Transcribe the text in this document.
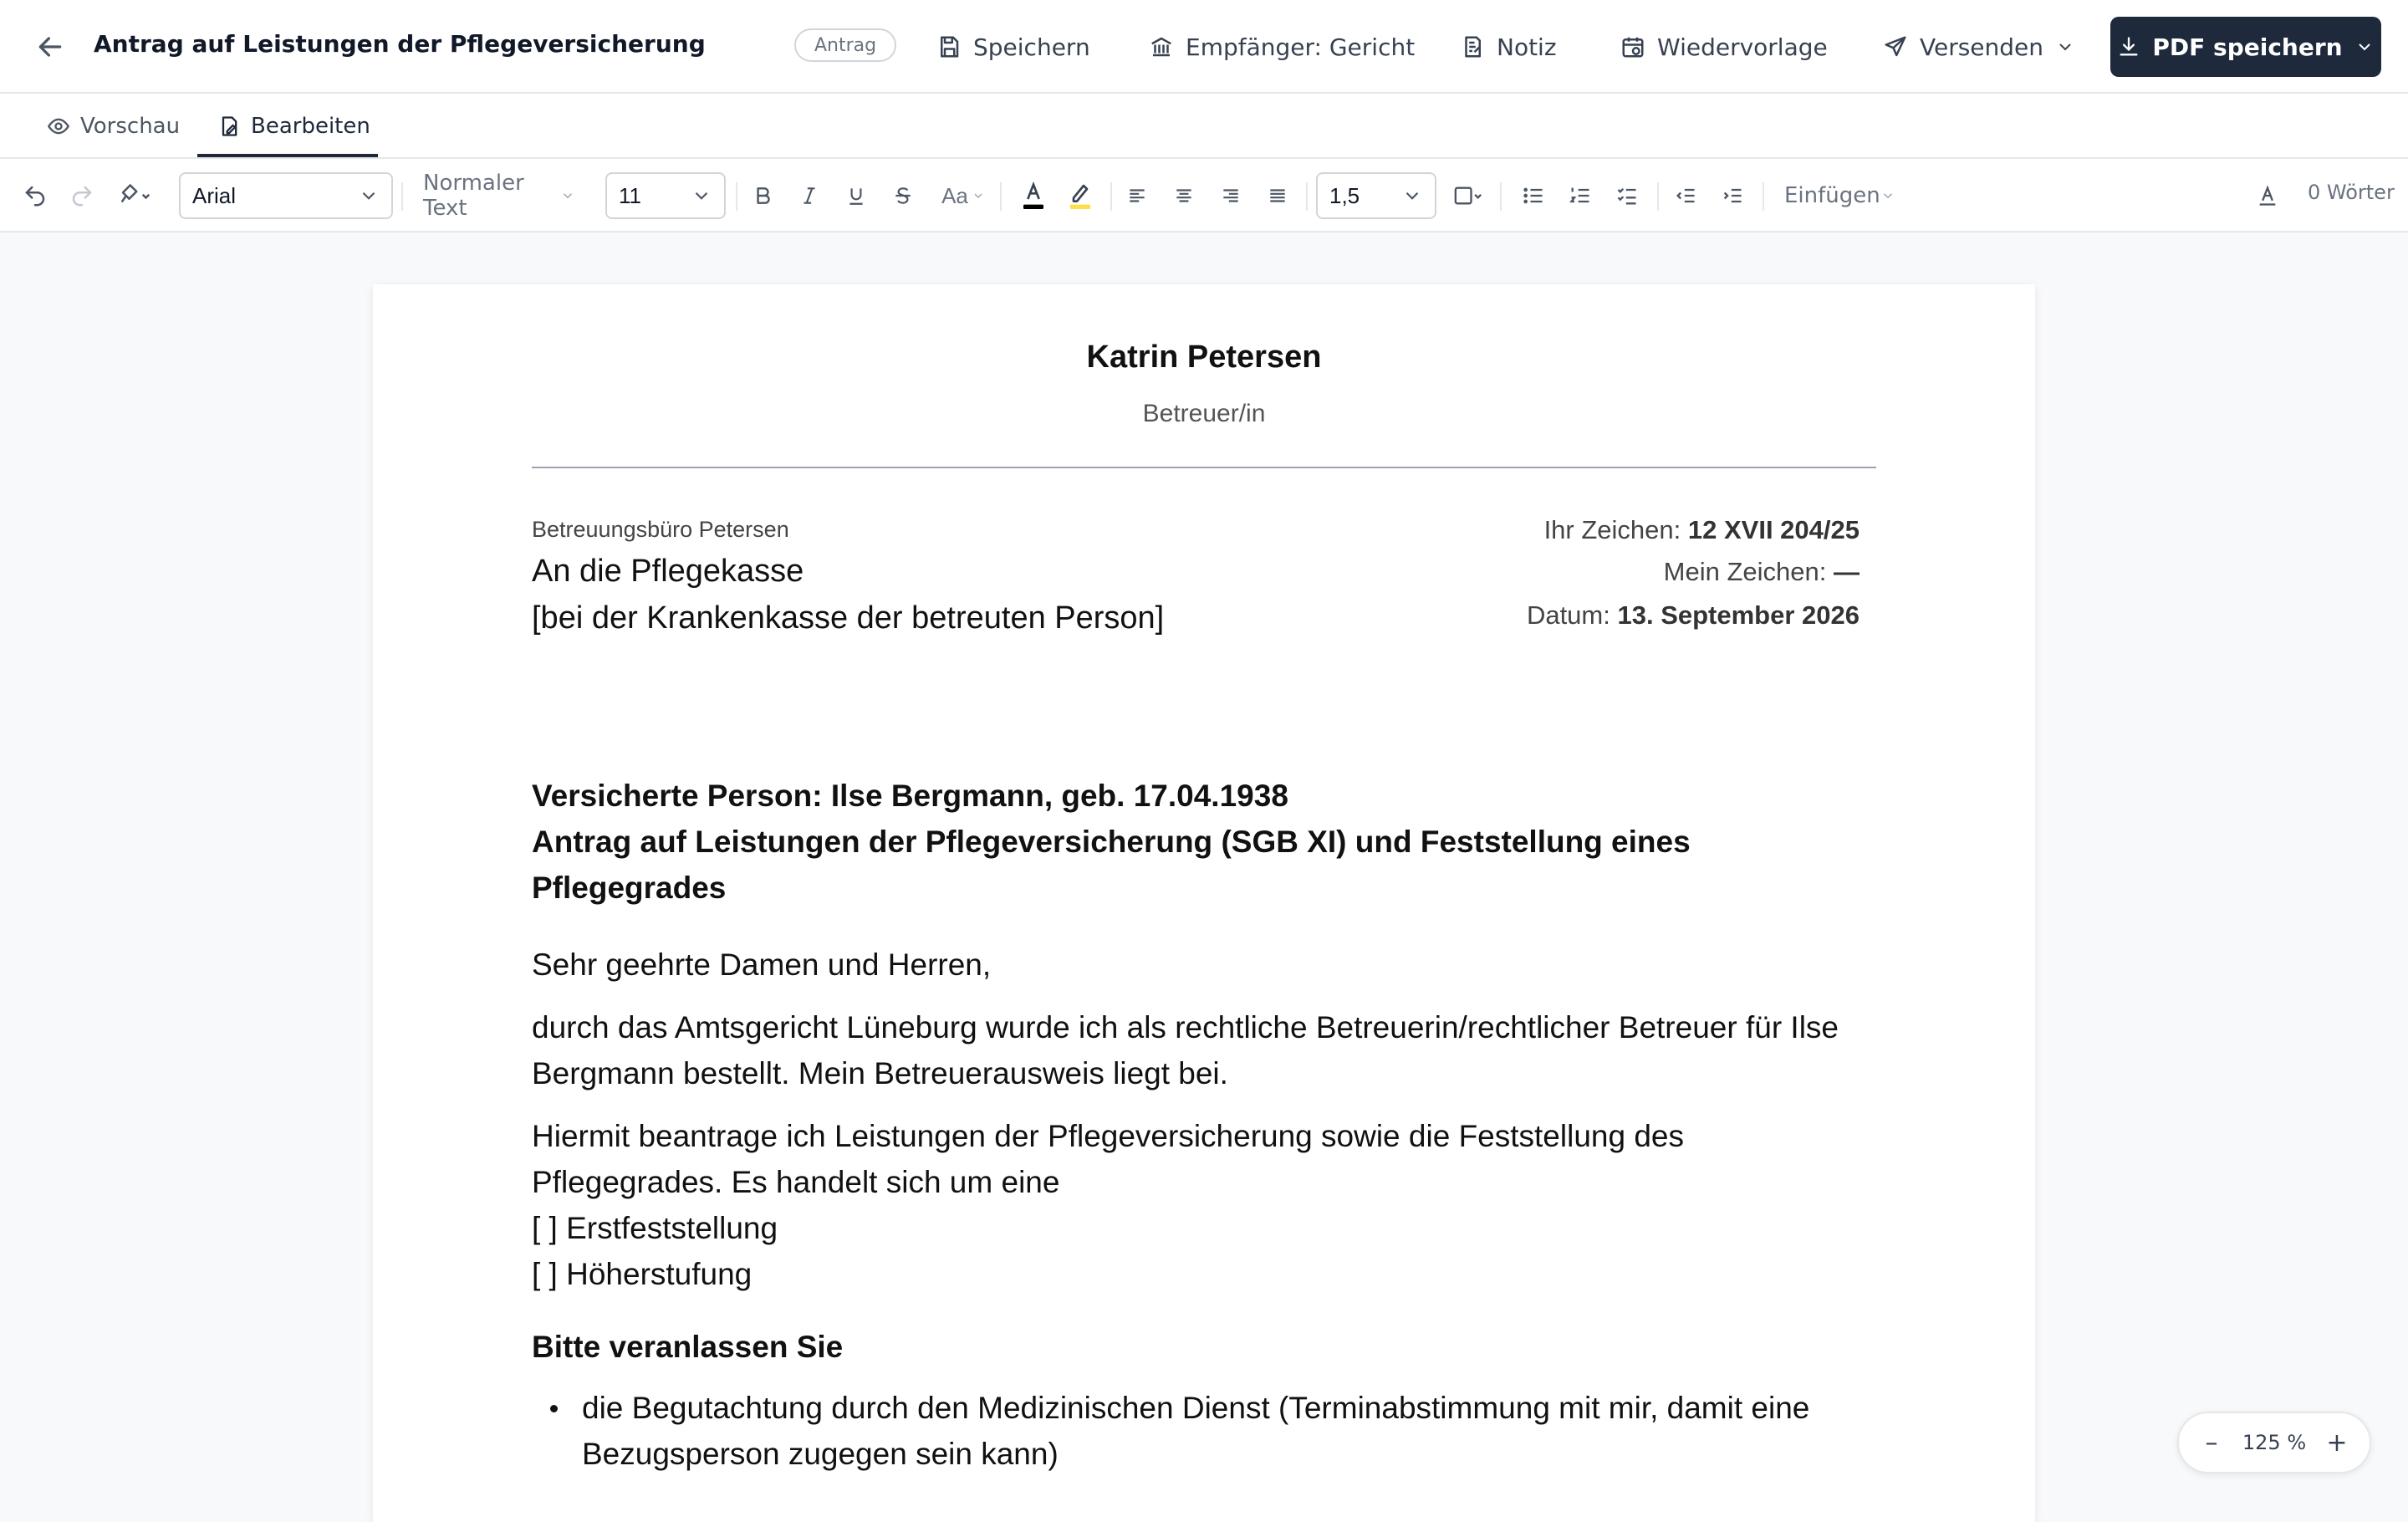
Antrag auf Leistungen der Pflegeversicherung	Antrag	Speichern	Empfänger: Gericht	Notiz	Wiedervorlage	Versenden	PDF speichern
Vorschau	Bearbeiten
Arial	Normaler Text
11	Aa	1,5	Einfügen	0 Wörter
Katrin Petersen
Betreuer/in
Betreuungsbüro Petersen
An die Pflegekasse
[bei der Krankenkasse der betreuten Person]
Ihr Zeichen: 12 XVII 204/25
Mein Zeichen: —
Datum: 13. September 2026
Versicherte Person: Ilse Bergmann, geb. 17.04.1938
Antrag auf Leistungen der Pflegeversicherung (SGB XI) und Feststellung eines Pflegegrades
Sehr geehrte Damen und Herren,
durch das Amtsgericht Lüneburg wurde ich als rechtliche Betreuerin/rechtlicher Betreuer für Ilse Bergmann bestellt. Mein Betreuerausweis liegt bei.

Hiermit beantrage ich Leistungen der Pflegeversicherung sowie die Feststellung des Pflegegrades. Es handelt sich um eine

[ ] Erstfeststellung

[ ] Höherstufung

Bitte veranlassen Sie
die Begutachtung durch den Medizinischen Dienst (Terminabstimmung mit mir, damit eine Bezugsperson zugegen sein kann)	–	125 % +
